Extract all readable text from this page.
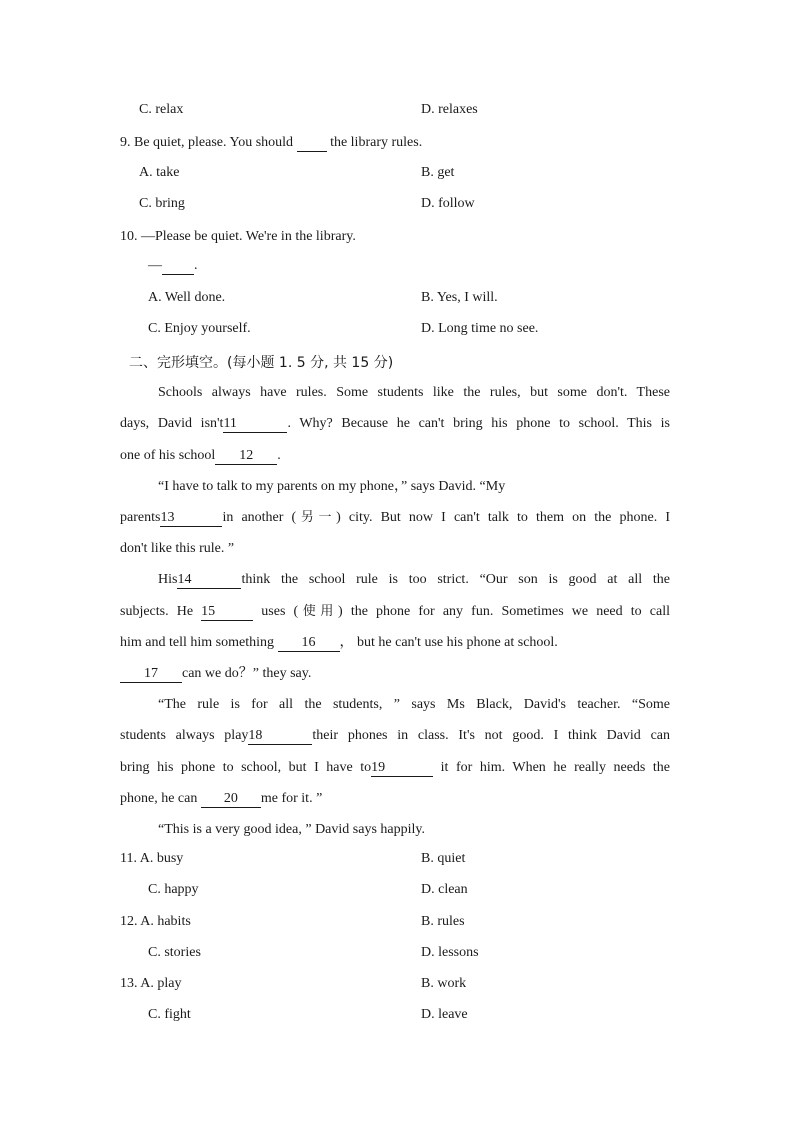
C. relax	D. relaxes
9. Be quiet, please. You should   the library rules.
A. take	B. get
C. bring	D. follow
10. —Please be quiet. We're in the library.
— .
A. Well done.	B. Yes, I will.
C. Enjoy yourself.	D. Long time no see.
二、完形填空。(每小题 1. 5 分, 共 15 分)
Schools always have rules. Some students like the rules, but some don't. These
days, David isn't11	. Why? Because he can't bring his phone to school. This is
one of his school 12 .
“I have to talk to my parents on my phone，” says David. “My
parents13	in another (另一) city. But now I can't talk to them on the phone. I
don't like this rule. ”
His14	think the school rule is too strict. “Our son is good at all the
subjects. He 15	uses (使用) the phone for any fun. Sometimes we need to call
him and tell him something 16 ， but he can't use his phone at school.
17 can we do？” they say.
“The rule is for all the students, ” says Ms Black, David's teacher. “Some
students always play18	their phones in class. It's not good. I think David can
bring his phone to school, but I have to19	it for him. When he really needs the
phone, he can 20 me for it. ”
“This is a very good idea, ” David says happily.
11. A. busy	B. quiet
C. happy	D. clean
12. A. habits	B. rules
C. stories	D. lessons
13. A. play	B. work
C. fight	D. leave
